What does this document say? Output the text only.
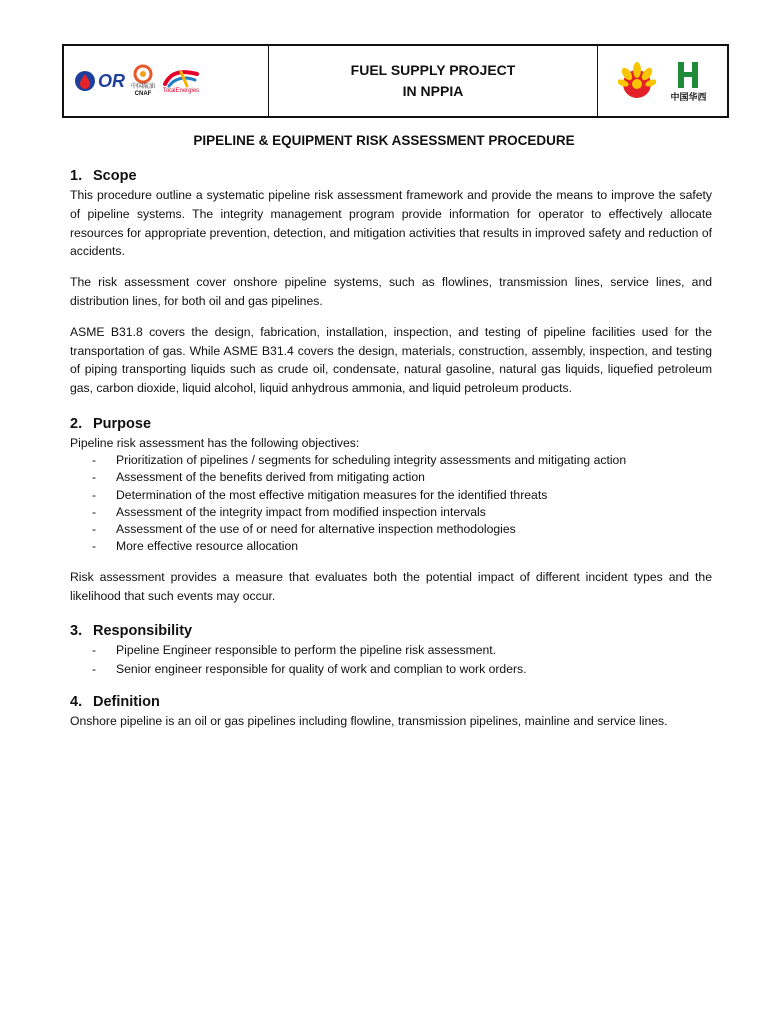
OR 中国航油
CNAF
TotalEnergies
FUEL SUPPLY PROJECT
IN NPPIA	中国华西
PIPELINE & EQUIPMENT RISK ASSESSMENT PROCEDURE
1. Scope

This procedure outline a systematic pipeline risk assessment framework and provide the means to improve the safety of pipeline systems. The integrity management program provide information for operator to effectively allocate resources for appropriate prevention, detection, and mitigation activities that results in improved safety and reduction of accidents.

The risk assessment cover onshore pipeline systems, such as flowlines, transmission lines, service lines, and distribution lines, for both oil and gas pipelines.

ASME B31.8 covers the design, fabrication, installation, inspection, and testing of pipeline facilities used for the transportation of gas. While ASME B31.4 covers the design, materials, construction, assembly, inspection, and testing of piping transporting liquids such as crude oil, condensate, natural gasoline, natural gas liquids, liquefied petroleum gas, carbon dioxide, liquid alcohol, liquid anhydrous ammonia, and liquid petroleum products.

2. Purpose
Pipeline risk assessment has the following objectives:
- Prioritization of pipelines / segments for scheduling integrity assessments and mitigating action
- Assessment of the benefits derived from mitigating action
- Determination of the most effective mitigation measures for the identified threats
- Assessment of the integrity impact from modified inspection intervals
- Assessment of the use of or need for alternative inspection methodologies
- More effective resource allocation

Risk assessment provides a measure that evaluates both the potential impact of different incident types and the likelihood that such events may occur.

3. Responsibility
- Pipeline Engineer responsible to perform the pipeline risk assessment.
- Senior engineer responsible for quality of work and complian to work orders.
4. Definition

Onshore pipeline is an oil or gas pipelines including flowline, transmission pipelines, mainline and service lines.
